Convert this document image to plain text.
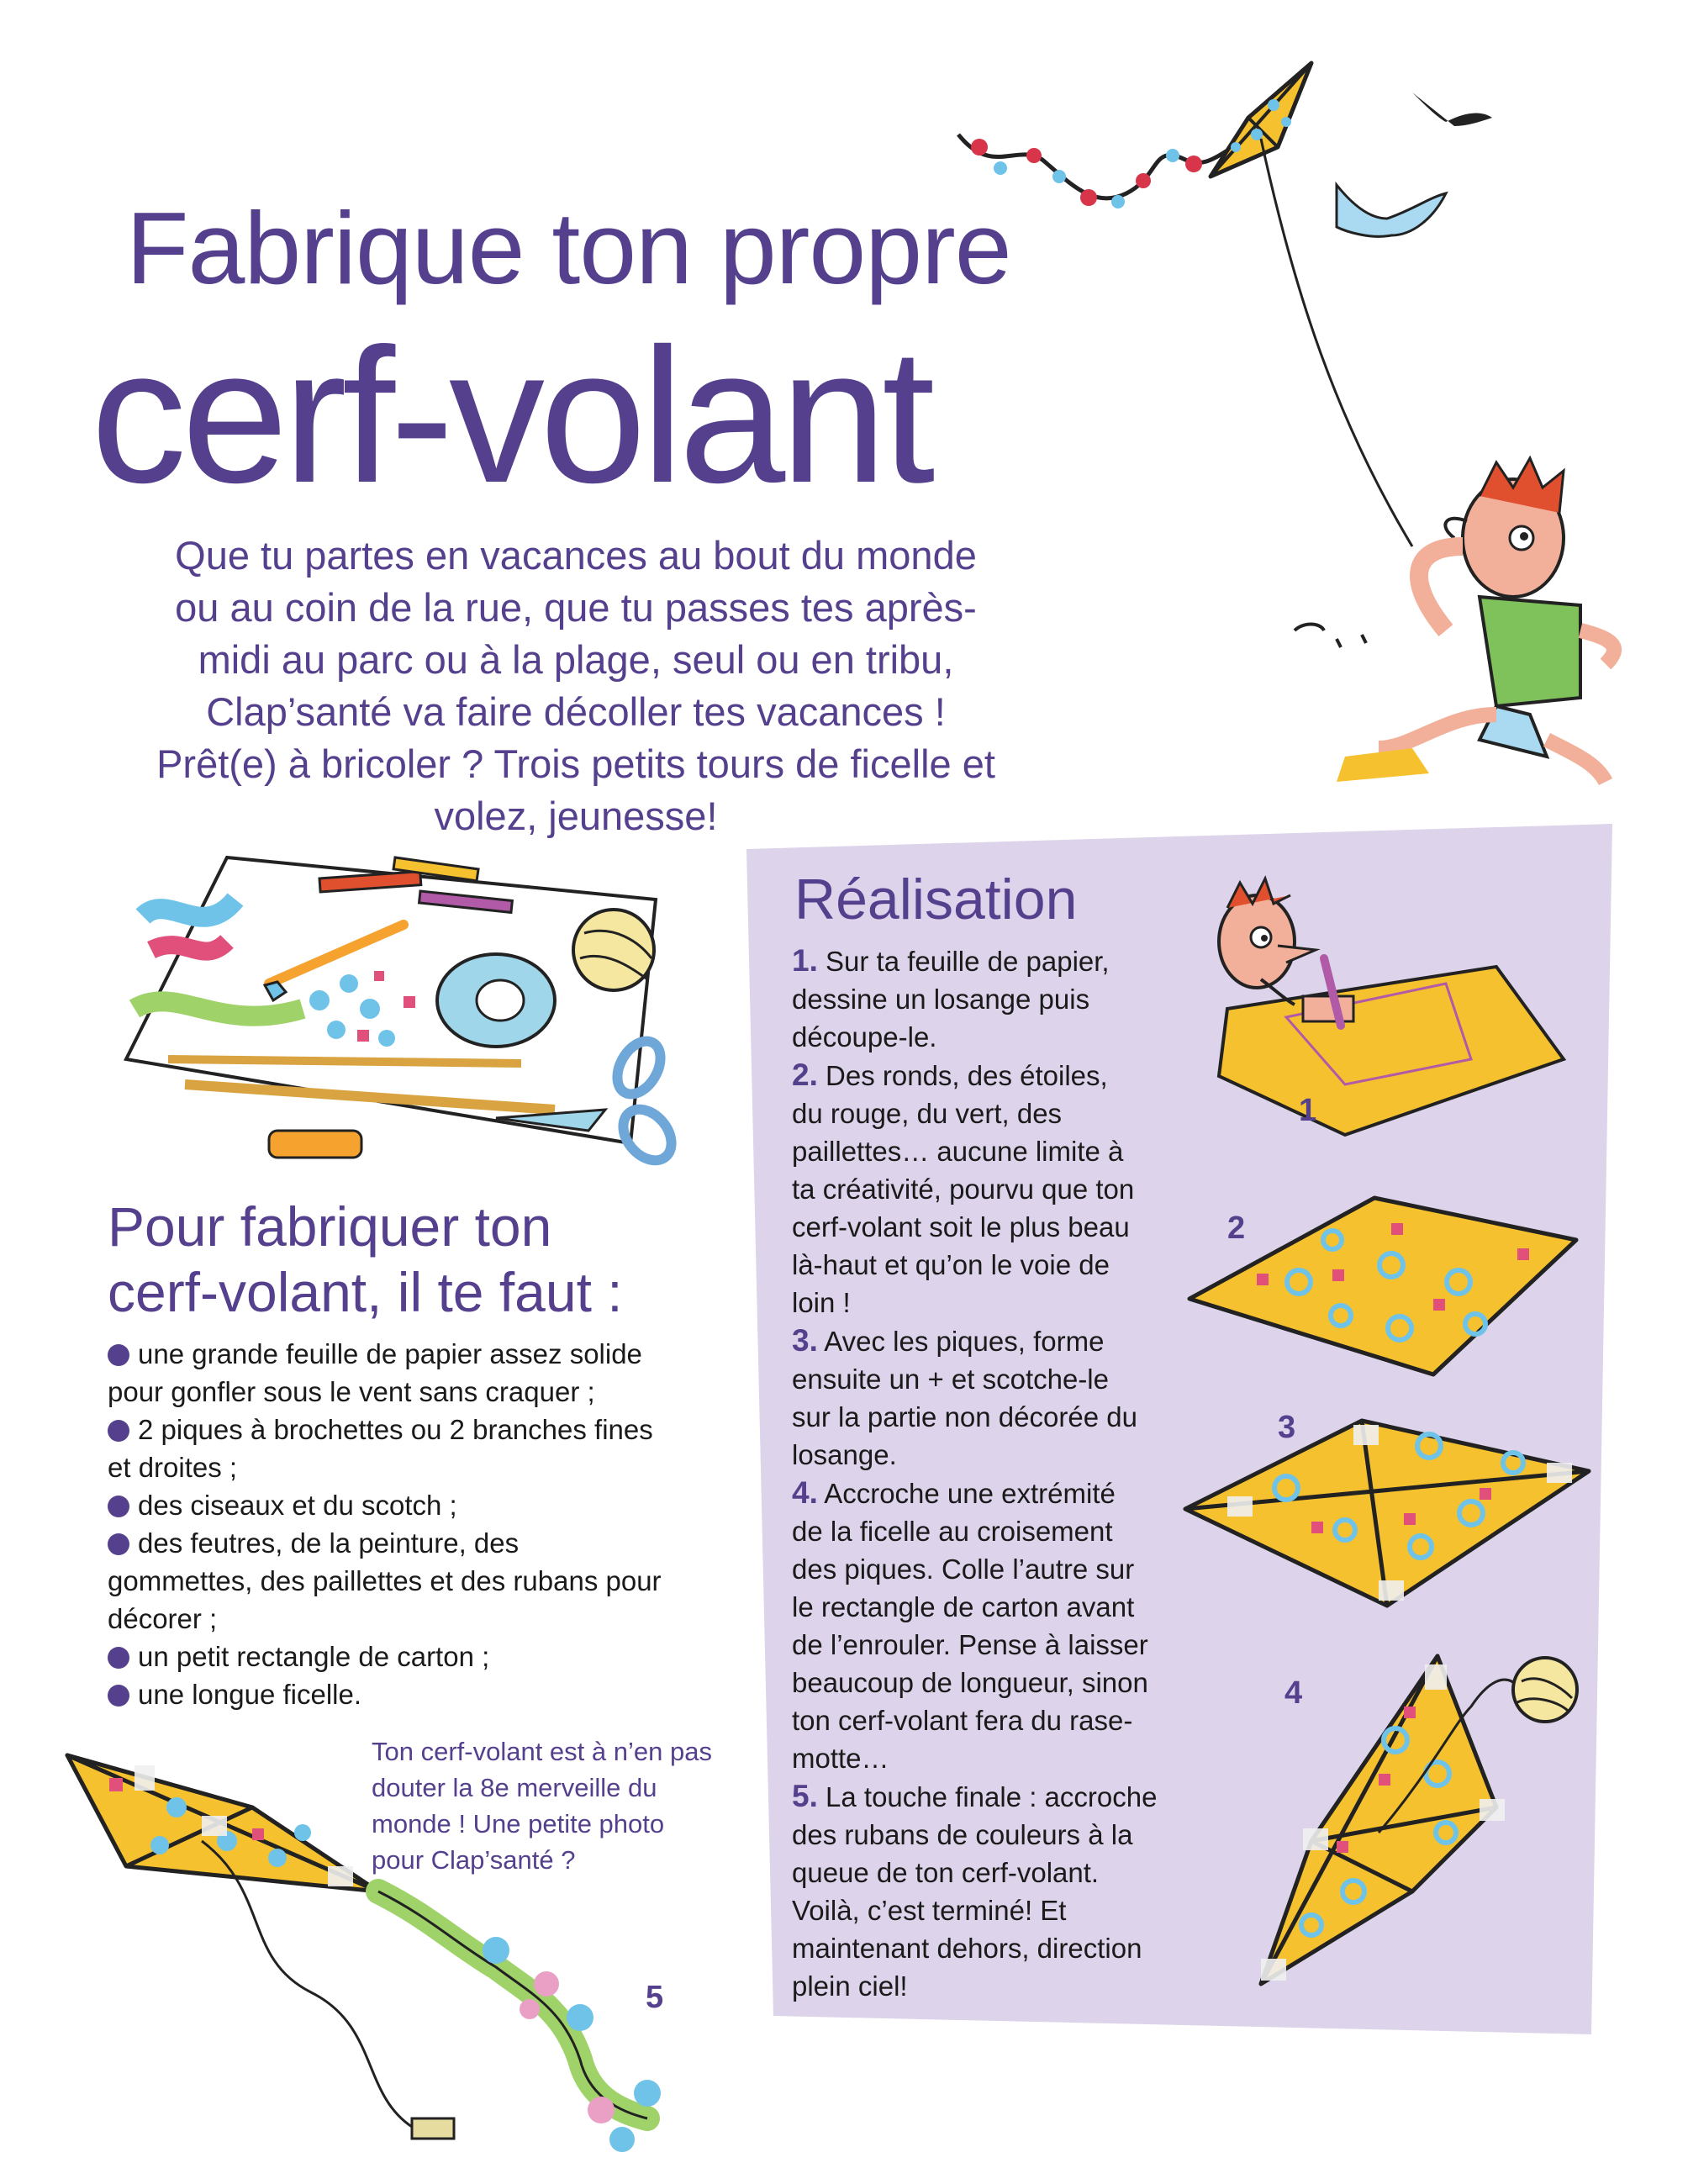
Fabrique ton propre
cerf-volant
Que tu partes en vacances au bout du monde
ou au coin de la rue, que tu passes tes après-
midi au parc ou à la plage, seul ou en tribu,
Clap’santé va faire décoller tes vacances !
Prêt(e) à bricoler ? Trois petits tours de ficelle et
volez, jeunesse!
Pour fabriquer ton
cerf-volant, il te faut :
une grande feuille de papier assez solide
pour gonfler sous le vent sans craquer ;
2 piques à brochettes ou 2 branches fines
et droites ;
des ciseaux et du scotch ;
des feutres, de la peinture, des
gommettes, des paillettes et des rubans pour
décorer ;
un petit rectangle de carton ;
une longue ficelle.
Ton cerf-volant est à n’en pas
douter la 8e merveille du
monde ! Une petite photo
pour Clap’santé ?
5
Réalisation
1. Sur ta feuille de papier,
dessine un losange puis
découpe-le.
2. Des ronds, des étoiles,
du rouge, du vert, des
paillettes… aucune limite à
ta créativité, pourvu que ton
cerf-volant soit le plus beau
là-haut et qu’on le voie de
loin !
3. Avec les piques, forme
ensuite un + et scotche-le
sur la partie non décorée du
losange.
4. Accroche une extrémité
de la ficelle au croisement
des piques. Colle l’autre sur
le rectangle de carton avant
de l’enrouler. Pense à laisser
beaucoup de longueur, sinon
ton cerf-volant fera du rase-
motte…
5. La touche finale : accroche
des rubans de couleurs à la
queue de ton cerf-volant.
Voilà, c’est terminé! Et
maintenant dehors, direction
plein ciel!
1
2
3
4
